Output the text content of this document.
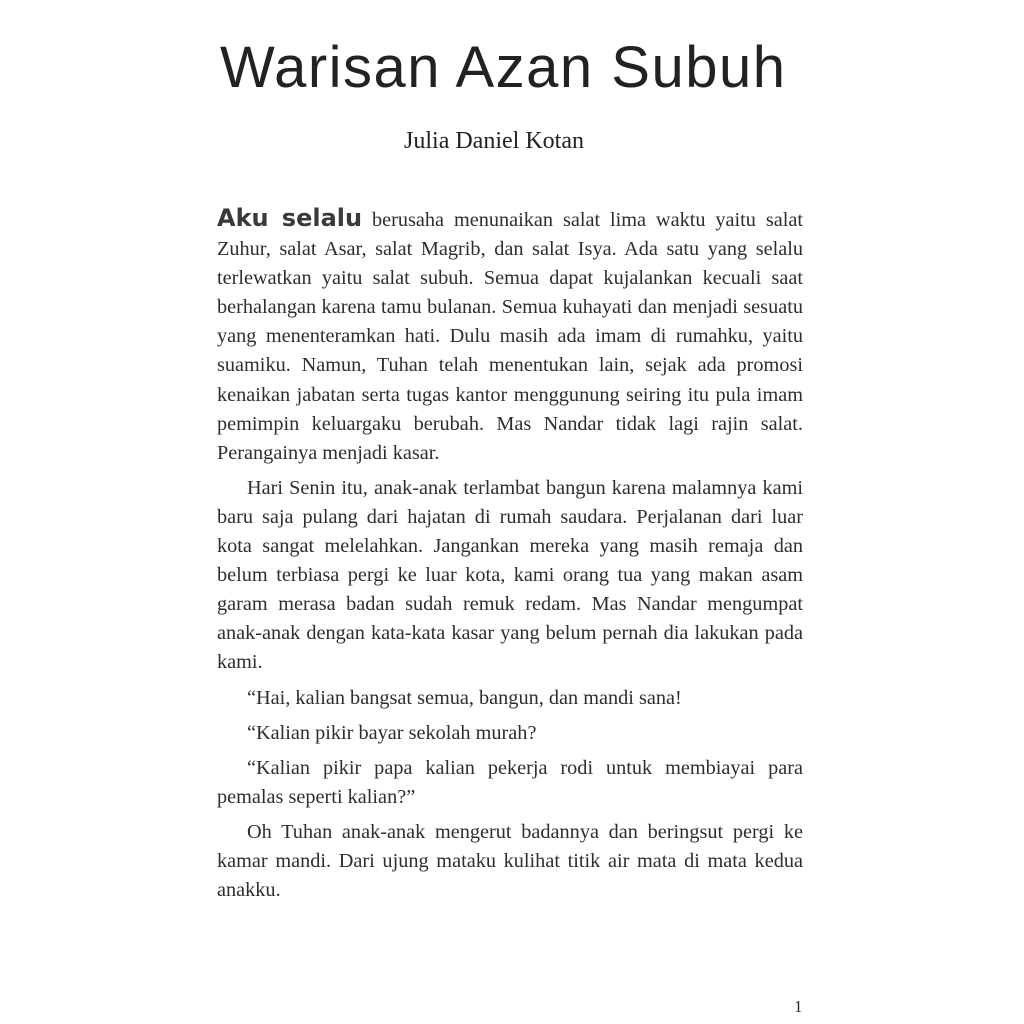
Warisan Azan Subuh
Julia Daniel Kotan

Aku selalu berusaha menunaikan salat lima waktu yaitu salat Zuhur, salat Asar, salat Magrib, dan salat Isya. Ada satu yang selalu terlewatkan yaitu salat subuh. Semua dapat kujalankan kecuali saat berhalangan karena tamu bulanan. Semua kuhayati dan menjadi sesuatu yang menenteramkan hati. Dulu masih ada imam di rumahku, yaitu suamiku. Namun, Tuhan telah menentukan lain, sejak ada promosi kenaikan jabatan serta tugas kantor menggunung seiring itu pula imam pemimpin keluargaku berubah. Mas Nandar tidak lagi rajin salat. Perangainya menjadi kasar.

Hari Senin itu, anak-anak terlambat bangun karena malamnya kami baru saja pulang dari hajatan di rumah saudara. Perjalanan dari luar kota sangat melelahkan. Jangankan mereka yang masih remaja dan belum terbiasa pergi ke luar kota, kami orang tua yang makan asam garam merasa badan sudah remuk redam. Mas Nandar mengumpat anak-anak dengan kata-kata kasar yang belum pernah dia lakukan pada kami.

“Hai, kalian bangsat semua, bangun, dan mandi sana!

“Kalian pikir bayar sekolah murah?

“Kalian pikir papa kalian pekerja rodi untuk membiayai para pemalas seperti kalian?”

Oh Tuhan anak-anak mengerut badannya dan beringsut pergi ke kamar mandi. Dari ujung mataku kulihat titik air mata di mata kedua anakku.

1
